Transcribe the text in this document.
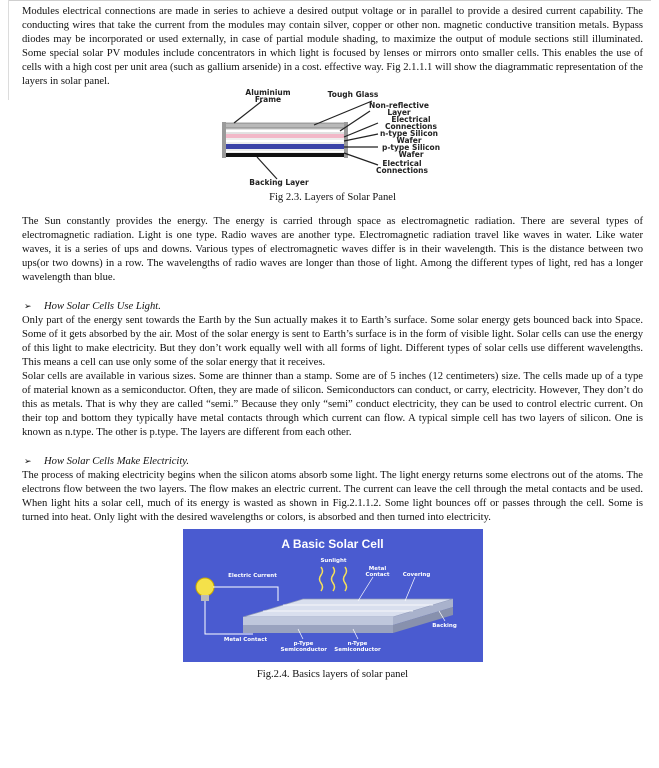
Modules electrical connections are made in series to achieve a desired output voltage or in parallel to provide a desired current capability. The conducting wires that take the current from the modules may contain silver, copper or other non. magnetic conductive transition metals. Bypass diodes may be incorporated or used externally, in case of partial module shading, to maximize the output of module sections still illuminated. Some special solar PV modules include concentrators in which light is focused by lenses or mirrors onto smaller cells. This enables the use of cells with a high cost per unit area (such as gallium arsenide) in a cost. effective way. Fig 2.1.1.1 will show the diagrammatic representation of the layers in solar panel.

Aluminium Frame
Tough Glass
Non-reflective Layer
Electrical Connections
n-type Silicon Wafer
p-type Silicon Wafer
Electrical Connections
Backing Layer
Fig 2.3. Layers of Solar Panel

The Sun constantly provides the energy. The energy is carried through space as electromagnetic radiation. There are several types of electromagnetic radiation. Light is one type. Radio waves are another type. Electromagnetic radiation travel like waves in water. Like water waves, it is a series of ups and downs. Various types of electromagnetic waves differ is in their wavelength. This is the distance between two ups(or two downs) in a row. The wavelengths of radio waves are longer than those of light. Among the different types of light, red has a longer wavelength than blue.

➢	How Solar Cells Use Light.

Only part of the energy sent towards the Earth by the Sun actually makes it to Earth’s surface. Some solar energy gets bounced back into Space. Some of it gets absorbed by the air. Most of the solar energy is sent to Earth’s surface is in the form of visible light. Solar cells can use the energy of this light to make electricity. But they don’t work equally well with all forms of light. Different types of solar cells use different wavelengths. This means a cell can use only some of the solar energy that it receives.

Solar cells are available in various sizes. Some are thinner than a stamp. Some are of 5 inches (12 centimeters) size. The cells made up of a type of material known as a semiconductor. Often, they are made of silicon. Semiconductors can conduct, or carry, electricity. However, They don’t do this as metals. That is why they are called “semi.” Because they only “semi” conduct electricity, they can be used to control electric current. On their top and bottom they typically have metal contacts through which current can flow. A typical simple cell has two layers of silicon. One is known as n.type. The other is p.type. The layers are different from each other.

➢	How Solar Cells Make Electricity.

The process of making electricity begins when the silicon atoms absorb some light. The light energy returns some electrons out of the atoms. The electrons flow between the two layers. The flow makes an electric current. The current can leave the cell through the metal contacts and be used. When light hits a solar cell, much of its energy is wasted as shown in Fig.2.1.1.2. Some light bounces off or passes through the cell. Some is turned into heat. Only light with the desired wavelengths or colors, is absorbed and then turned into electricity.

A Basic Solar Cell
Sunlight
Electric Current
Metal Contact	Covering
Backing
Metal Contact
p-Type Semiconductor
n-Type Semiconductor
Fig.2.4. Basics layers of solar panel
